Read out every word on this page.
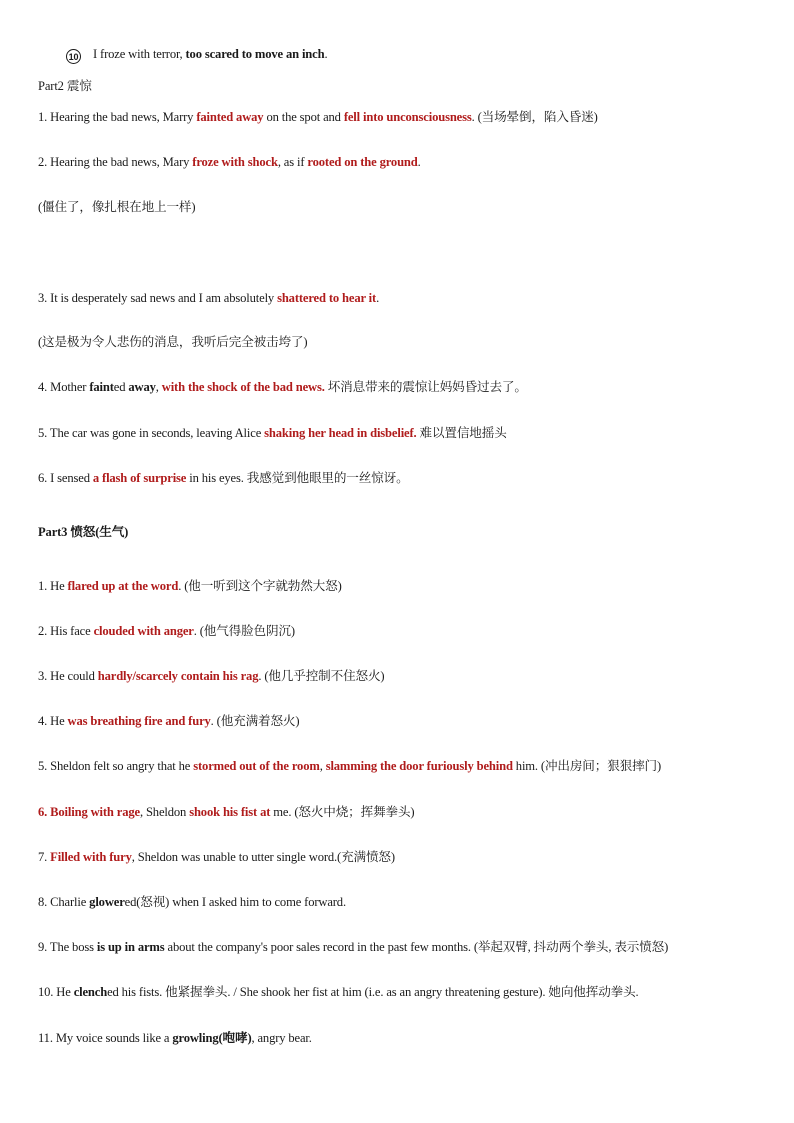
10 I froze with terror, too scared to move an inch.
Part2 震惊
1. Hearing the bad news, Marry fainted away on the spot and fell into unconsciousness. (当场晕倒，陷入昏迷)
2. Hearing the bad news, Mary froze with shock, as if rooted on the ground.
(僵住了，像扎根在地上一样)
3. It is desperately sad news and I am absolutely shattered to hear it.
(这是极为令人悲伤的消息，我听后完全被击垮了)
4. Mother fainted away, with the shock of the bad news. 坏消息带来的震惊让妈妈昏过去了。
5. The car was gone in seconds, leaving Alice shaking her head in disbelief. 难以置信地摇头
6. I sensed a flash of surprise in his eyes. 我感觉到他眼里的一丝惊讶。
Part3 愤怒(生气)
1. He flared up at the word. (他一听到这个字就勃然大怒)
2. His face clouded with anger. (他气得脸色阴沉)
3. He could hardly/scarcely contain his rag. (他几乎控制不住怒火)
4. He was breathing fire and fury. (他充满着怒火)
5. Sheldon felt so angry that he stormed out of the room, slamming the door furiously behind him. (冲出房间；狠狠摔门)
6. Boiling with rage, Sheldon shook his fist at me. (怒火中烧；挥舞拳头)
7. Filled with fury, Sheldon was unable to utter single word.(充满愤怒)
8. Charlie glowered(怒视) when I asked him to come forward.
9. The boss is up in arms about the company's poor sales record in the past few months. (举起双臂, 抖动两个拳头, 表示愤怒)
10. He clenched his fists. 他紧握拳头. / She shook her fist at him (i.e. as an angry threatening gesture). 她向他挥动拳头.
11. My voice sounds like a growling(咆哮), angry bear.
